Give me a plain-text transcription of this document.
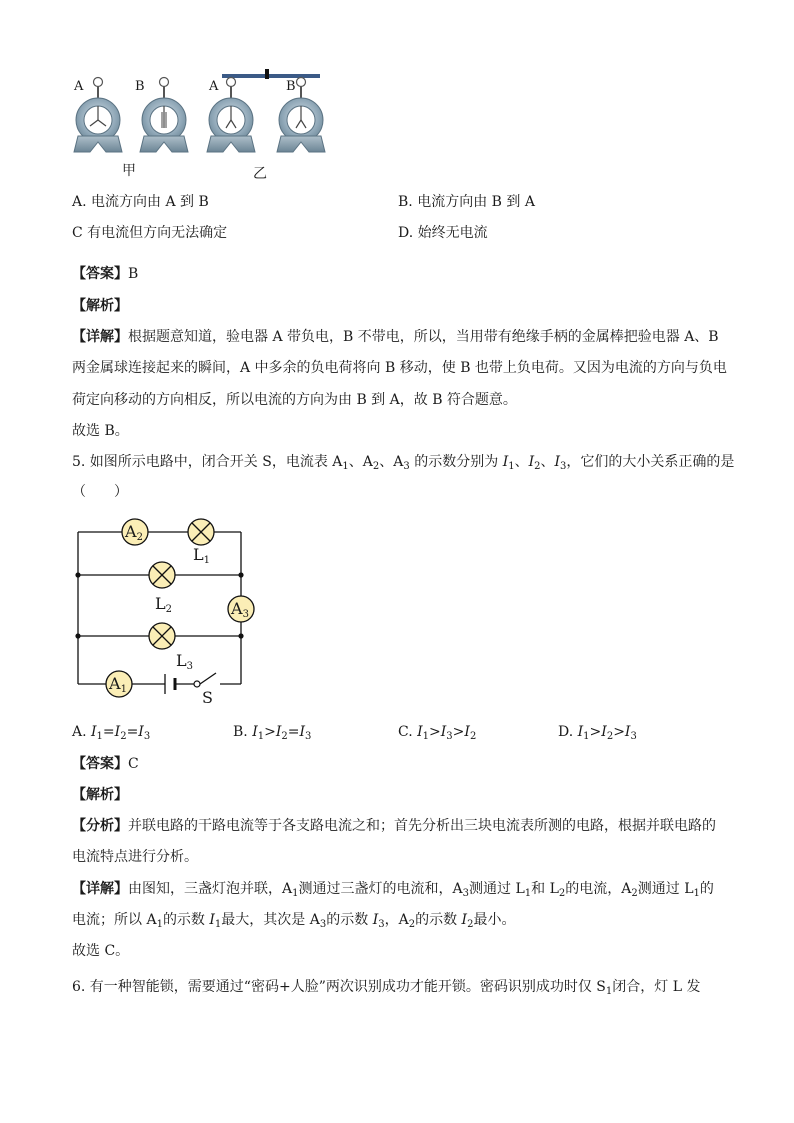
A	B	A	B
甲	乙
A. 电流方向由 A 到 B	B. 电流方向由 B 到 A
C 有电流但方向无法确定	D. 始终无电流
【答案】B
【解析】
【详解】根据题意知道，验电器 A 带负电，B 不带电，所以，当用带有绝缘手柄的金属棒把验电器 A、B
两金属球连接起来的瞬间，A 中多余的负电荷将向 B 移动，使 B 也带上负电荷。又因为电流的方向与负电
荷定向移动的方向相反，所以电流的方向为由 B 到 A，故 B 符合题意。
故选 B。
5. 如图所示电路中，闭合开关 S，电流表 $A_1$、$A_2$、$A_3$ 的示数分别为 $I_1$、$I_2$、$I_3$，它们的大小关系正确的是
（　　）
$A_2$
$A_3$
$A_1$
$L_1$
$L_2$
$L_3$
S
A. $I_1=I_2=I_3$	B. $I_1>I_2=I_3$	C. $I_1>I_3>I_2$	D. $I_1>I_2>I_3$
【答案】C
【解析】
【分析】并联电路的干路电流等于各支路电流之和；首先分析出三块电流表所测的电路，根据并联电路的
电流特点进行分析。
【详解】由图知，三盏灯泡并联，$A_1$测通过三盏灯的电流和，$A_3$测通过 $L_1$和 $L_2$的电流，$A_2$测通过 $L_1$的
电流；所以 $A_1$的示数 $I_1$最大，其次是 $A_3$的示数 $I_3$，$A_2$的示数 $I_2$最小。
故选 C。
6. 有一种智能锁，需要通过“密码+人脸”两次识别成功才能开锁。密码识别成功时仅 $S_1$闭合，灯 L 发
